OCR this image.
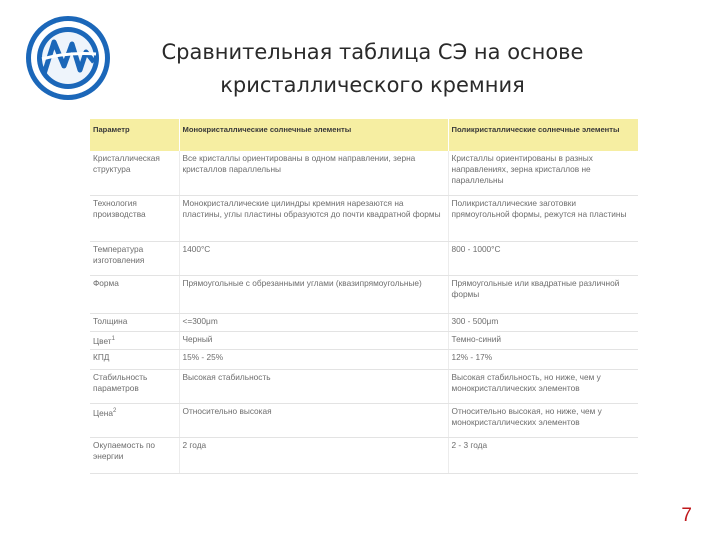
Сравнительная таблица СЭ на основе
кристаллического кремния
Параметр	Монокристаллические солнечные элементы	Поликристаллические солнечные элементы
Кристаллическая структура	Все кристаллы ориентированы в одном направлении, зерна кристаллов параллельны	Кристаллы ориентированы в разных направлениях, зерна кристаллов не параллельны
Технология производства	Монокристаллические цилиндры кремния нарезаются на пластины, углы пластины образуются до почти квадратной формы	Поликристаллические заготовки прямоугольной формы, режутся на пластины
Температура изготовления	1400°C	800 - 1000°C
Форма	Прямоугольные с обрезанными углами (квазипрямоугольные)	Прямоугольные или квадратные различной формы
Толщина	<=300μm	300 - 500μm
Цвет$^1$	Черный	Темно-синий
КПД	15% - 25%	12% - 17%
Стабильность параметров	Высокая стабильность	Высокая стабильность, но ниже, чем у монокристаллических элементов
Цена$^2$	Относительно высокая	Относительно высокая, но ниже, чем у монокристаллических элементов
Окупаемость по энергии	2 года	2 - 3 года
7
